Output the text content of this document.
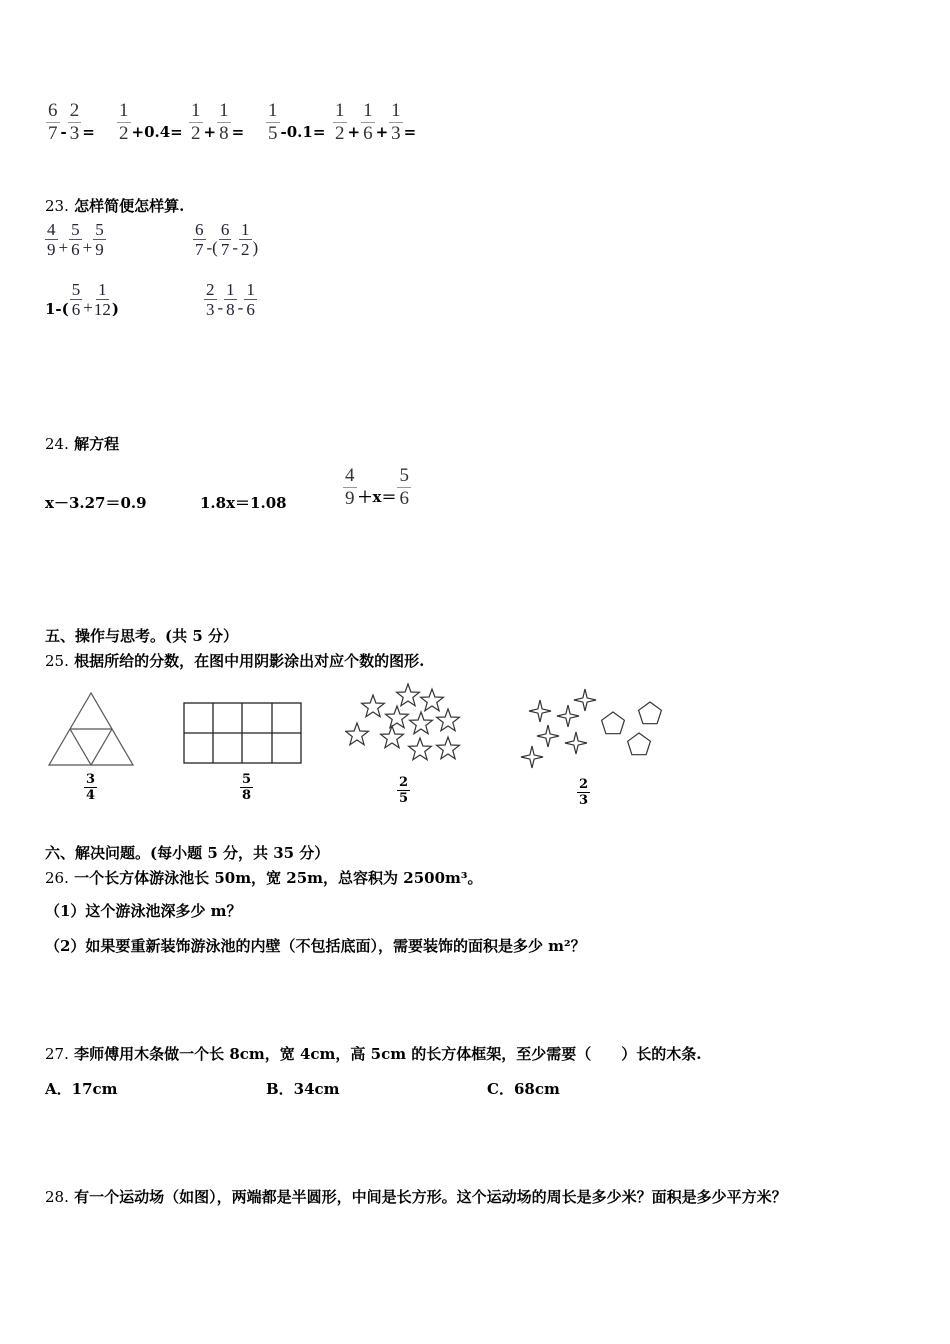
$\frac{6}{7} - \frac{2}{3} = \frac{1}{2} +0.4= \frac{1}{2} + \frac{1}{8} = \frac{1}{5} -0.1= \frac{1}{2} + \frac{1}{6} + \frac{1}{3}$ =
23. 怎样简便怎样算.
$\frac{4}{9} + \frac{5}{6} + \frac{5}{9}$	$\frac{6}{7}$ -( $\frac{6}{7} - \frac{1}{2}$ )
$1-( \frac{5}{6} + \frac{1}{12}$ )	$\frac{2}{3} - \frac{1}{8} - \frac{1}{6}$
24. 解方程
x－3.27＝0.9	1.8x＝1.08	$\frac{4}{9} +x= \frac{5}{6}$
五、操作与思考。(共 5 分）
25. 根据所给的分数，在图中用阴影涂出对应个数的图形.
$\frac{3}{4}$	$\frac{5}{8}$	$\frac{2}{5}$	$\frac{2}{3}$
六、解决问题。(每小题 5 分，共 35 分）
26. 一个长方体游泳池长 50m，宽 25m，总容积为 2500m³。
（1）这个游泳池深多少 m？
（2）如果要重新装饰游泳池的内壁（不包括底面），需要装饰的面积是多少 m²？
27. 李师傅用木条做一个长 8cm，宽 4cm，高 5cm 的长方体框架，至少需要（　　）长的木条.
A．17cm	B．34cm	C．68cm
28. 有一个运动场（如图），两端都是半圆形，中间是长方形。这个运动场的周长是多少米？面积是多少平方米？
